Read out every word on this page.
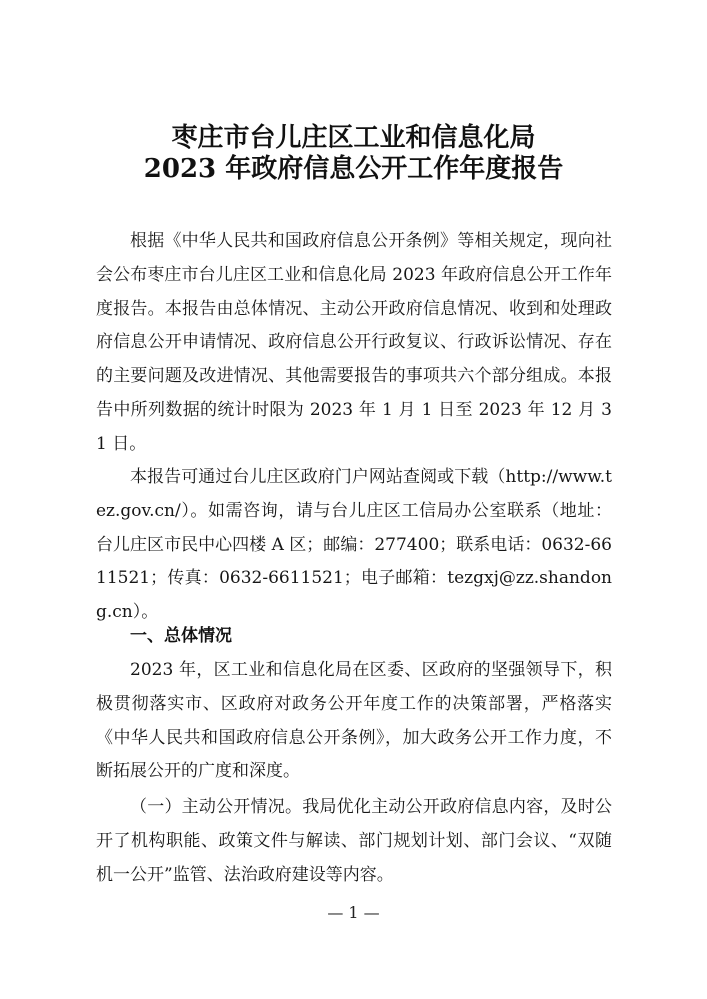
枣庄市台儿庄区工业和信息化局
2023 年政府信息公开工作年度报告

根据《中华人民共和国政府信息公开条例》等相关规定，现向社会公布枣庄市台儿庄区工业和信息化局 2023 年政府信息公开工作年度报告。本报告由总体情况、主动公开政府信息情况、收到和处理政府信息公开申请情况、政府信息公开行政复议、行政诉讼情况、存在的主要问题及改进情况、其他需要报告的事项共六个部分组成。本报告中所列数据的统计时限为 2023 年 1 月 1 日至 2023 年 12 月 31 日。

本报告可通过台儿庄区政府门户网站查阅或下载（http://www.tez.gov.cn/）。如需咨询，请与台儿庄区工信局办公室联系（地址：台儿庄区市民中心四楼 A 区；邮编：277400；联系电话：0632-6611521；传真：0632-6611521；电子邮箱：tezgxj@zz.shandong.cn）。

一、总体情况

2023 年，区工业和信息化局在区委、区政府的坚强领导下，积极贯彻落实市、区政府对政务公开年度工作的决策部署，严格落实《中华人民共和国政府信息公开条例》，加大政务公开工作力度，不断拓展公开的广度和深度。

（一）主动公开情况。我局优化主动公开政府信息内容，及时公开了机构职能、政策文件与解读、部门规划计划、部门会议、“双随机一公开”监管、法治政府建设等内容。

— 1 —
